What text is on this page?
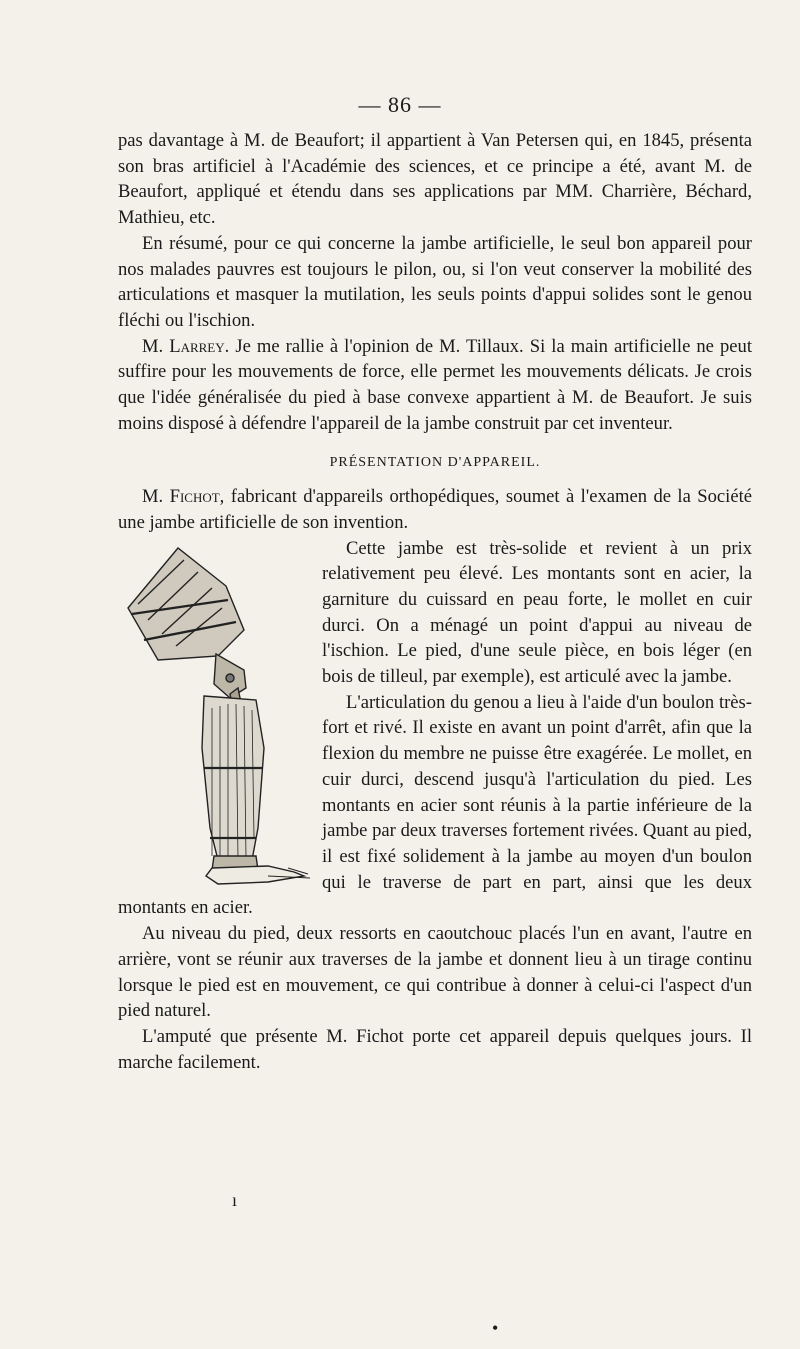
— 86 —

pas davantage à M. de Beaufort; il appartient à Van Petersen qui, en 1845, présenta son bras artificiel à l'Académie des sciences, et ce principe a été, avant M. de Beaufort, appliqué et étendu dans ses applications par MM. Charrière, Béchard, Mathieu, etc.

En résumé, pour ce qui concerne la jambe artificielle, le seul bon appareil pour nos malades pauvres est toujours le pilon, ou, si l'on veut conserver la mobilité des articulations et masquer la mutilation, les seuls points d'appui solides sont le genou fléchi ou l'ischion.

M. Larrey. Je me rallie à l'opinion de M. Tillaux. Si la main artificielle ne peut suffire pour les mouvements de force, elle permet les mouvements délicats. Je crois que l'idée généralisée du pied à base convexe appartient à M. de Beaufort. Je suis moins disposé à défendre l'appareil de la jambe construit par cet inventeur.

PRÉSENTATION D'APPAREIL.

M. Fichot, fabricant d'appareils orthopédiques, soumet à l'examen de la Société une jambe artificielle de son invention.

Cette jambe est très-solide et revient à un prix relativement peu élevé. Les montants sont en acier, la garniture du cuissard en peau forte, le mollet en cuir durci. On a ménagé un point d'appui au niveau de l'ischion. Le pied, d'une seule pièce, en bois léger (en bois de tilleul, par exemple), est articulé avec la jambe.

L'articulation du genou a lieu à l'aide d'un boulon très-fort et rivé. Il existe en avant un point d'arrêt, afin que la flexion du membre ne puisse être exagérée. Le mollet, en cuir durci, descend jusqu'à l'articulation du pied. Les montants en acier sont réunis à la partie inférieure de la jambe par deux traverses fortement rivées. Quant au pied, il est fixé solidement à la jambe au moyen d'un boulon qui le traverse de part en part, ainsi que les deux montants en acier.

Au niveau du pied, deux ressorts en caoutchouc placés l'un en avant, l'autre en arrière, vont se réunir aux traverses de la jambe et donnent lieu à un tirage continu lorsque le pied est en mouvement, ce qui contribue à donner à celui-ci l'aspect d'un pied naturel.

L'amputé que présente M. Fichot porte cet appareil depuis quelques jours. Il marche facilement.

ı
•
